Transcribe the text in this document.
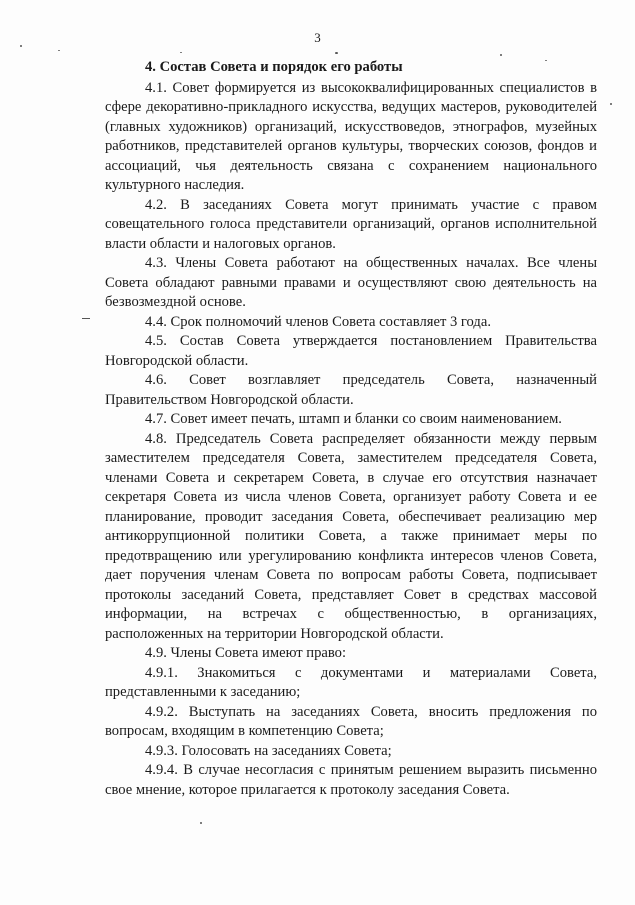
3
4. Состав Совета и порядок его работы

4.1. Совет формируется из высококвалифицированных специалистов в сфере декоративно-прикладного искусства, ведущих мастеров, руководителей (главных художников) организаций, искусствоведов, этнографов, музейных работников, представителей органов культуры, творческих союзов, фондов и ассоциаций, чья деятельность связана с сохранением национального культурного наследия.

4.2. В заседаниях Совета могут принимать участие с правом совещательного голоса представители организаций, органов исполнительной власти области и налоговых органов.

4.3. Члены Совета работают на общественных началах. Все члены Совета обладают равными правами и осуществляют свою деятельность на безвозмездной основе.

4.4. Срок полномочий членов Совета составляет 3 года.

4.5. Состав Совета утверждается постановлением Правительства Новгородской области.

4.6. Совет возглавляет председатель Совета, назначенный Правительством Новгородской области.

4.7. Совет имеет печать, штамп и бланки со своим наименованием.

4.8. Председатель Совета распределяет обязанности между первым заместителем председателя Совета, заместителем председателя Совета, членами Совета и секретарем Совета, в случае его отсутствия назначает секретаря Совета из числа членов Совета, организует работу Совета и ее планирование, проводит заседания Совета, обеспечивает реализацию мер антикоррупционной политики Совета, а также принимает меры по предотвращению или урегулированию конфликта интересов членов Совета, дает поручения членам Совета по вопросам работы Совета, подписывает протоколы заседаний Совета, представляет Совет в средствах массовой информации, на встречах с общественностью, в организациях, расположенных на территории Новгородской области.

4.9. Члены Совета имеют право:

4.9.1. Знакомиться с документами и материалами Совета, представленными к заседанию;

4.9.2. Выступать на заседаниях Совета, вносить предложения по вопросам, входящим в компетенцию Совета;

4.9.3. Голосовать на заседаниях Совета;

4.9.4. В случае несогласия с принятым решением выразить письменно свое мнение, которое прилагается к протоколу заседания Совета.
